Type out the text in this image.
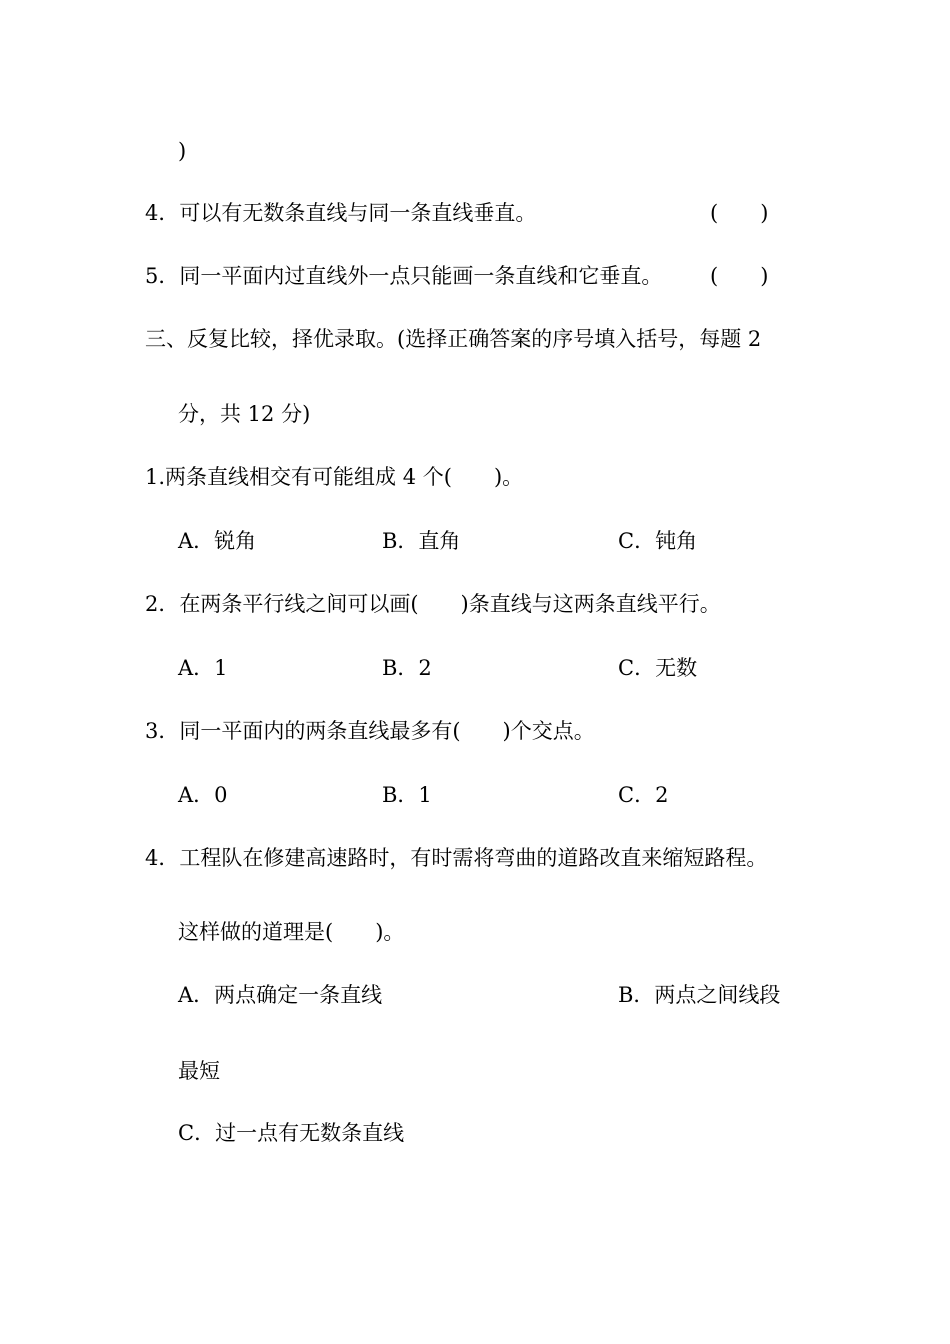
)
4．可以有无数条直线与同一条直线垂直。	(　　)
5．同一平面内过直线外一点只能画一条直线和它垂直。 (　　)
三、反复比较，择优录取。(选择正确答案的序号填入括号，每题 2
分，共 12 分)
1.两条直线相交有可能组成 4 个(　　)。
A．锐角	B．直角	C．钝角
2．在两条平行线之间可以画(　　)条直线与这两条直线平行。
A．1	B．2	C．无数
3．同一平面内的两条直线最多有(　　)个交点。
A．0	B．1	C．2
4．工程队在修建高速路时，有时需将弯曲的道路改直来缩短路程。
这样做的道理是(　　)。
A．两点确定一条直线	B．两点之间线段
最短
C．过一点有无数条直线
